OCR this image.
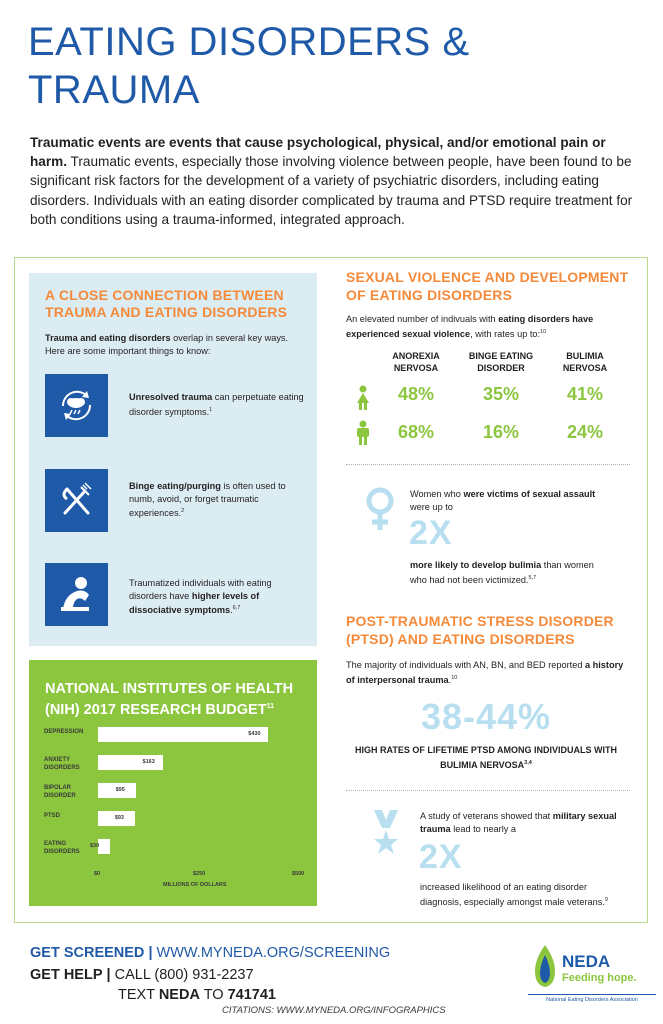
EATING DISORDERS & TRAUMA

Traumatic events are events that cause psychological, physical, and/or emotional pain or harm. Traumatic events, especially those involving violence between people, have been found to be significant risk factors for the development of a variety of psychiatric disorders, including eating disorders. Individuals with an eating disorder complicated by trauma and PTSD require treatment for both conditions using a trauma-informed, integrated approach.

A CLOSE CONNECTION BETWEEN TRAUMA AND EATING DISORDERS
Trauma and eating disorders overlap in several key ways. Here are some important things to know:
Unresolved trauma can perpetuate eating disorder symptoms.$^1$
Binge eating/purging is often used to numb, avoid, or forget traumatic experiences.$^2$
Traumatized individuals with eating disorders have higher levels of dissociative symptoms.$^{6,7}$
NATIONAL INSTITUTES OF HEALTH (NIH) 2017 RESEARCH BUDGET$^{11}$
DEPRESSION	$430
ANXIETY DISORDERS
$163
BIPOLAR DISORDER
$95
PTSD	$93
EATING DISORDERS
$30
$0	$250	$500
MILLIONS OF DOLLARS
SEXUAL VIOLENCE AND DEVELOPMENT OF EATING DISORDERS
An elevated number of indivuals with eating disorders have experienced sexual violence, with rates up to:$^{10}$
ANOREXIA NERVOSA
BINGE EATING DISORDER
BULIMIA NERVOSA
48%	35%	41%
68%	16%	24%
Women who were victims of sexual assault were up to
2X
more likely to develop bulimia than women who had not been victimized.$^{5,7}$
POST-TRAUMATIC STRESS DISORDER (PTSD) AND EATING DISORDERS
The majority of individuals with AN, BN, and BED reported a history of interpersonal trauma.$^{10}$
38-44%
HIGH RATES OF LIFETIME PTSD AMONG INDIVIDUALS WITH BULIMIA NERVOSA$^{3,4}$
A study of veterans showed that military sexual trauma lead to nearly a
2X
increased likelihood of an eating disorder diagnosis, especially amongst male veterans.$^9$
GET SCREENED | WWW.MYNEDA.ORG/SCREENING
GET HELP | CALL (800) 931-2237
TEXT NEDA TO 741741
CITATIONS: WWW.MYNEDA.ORG/INFOGRAPHICS
NEDA
Feeding hope.
National Eating Disorders Association
